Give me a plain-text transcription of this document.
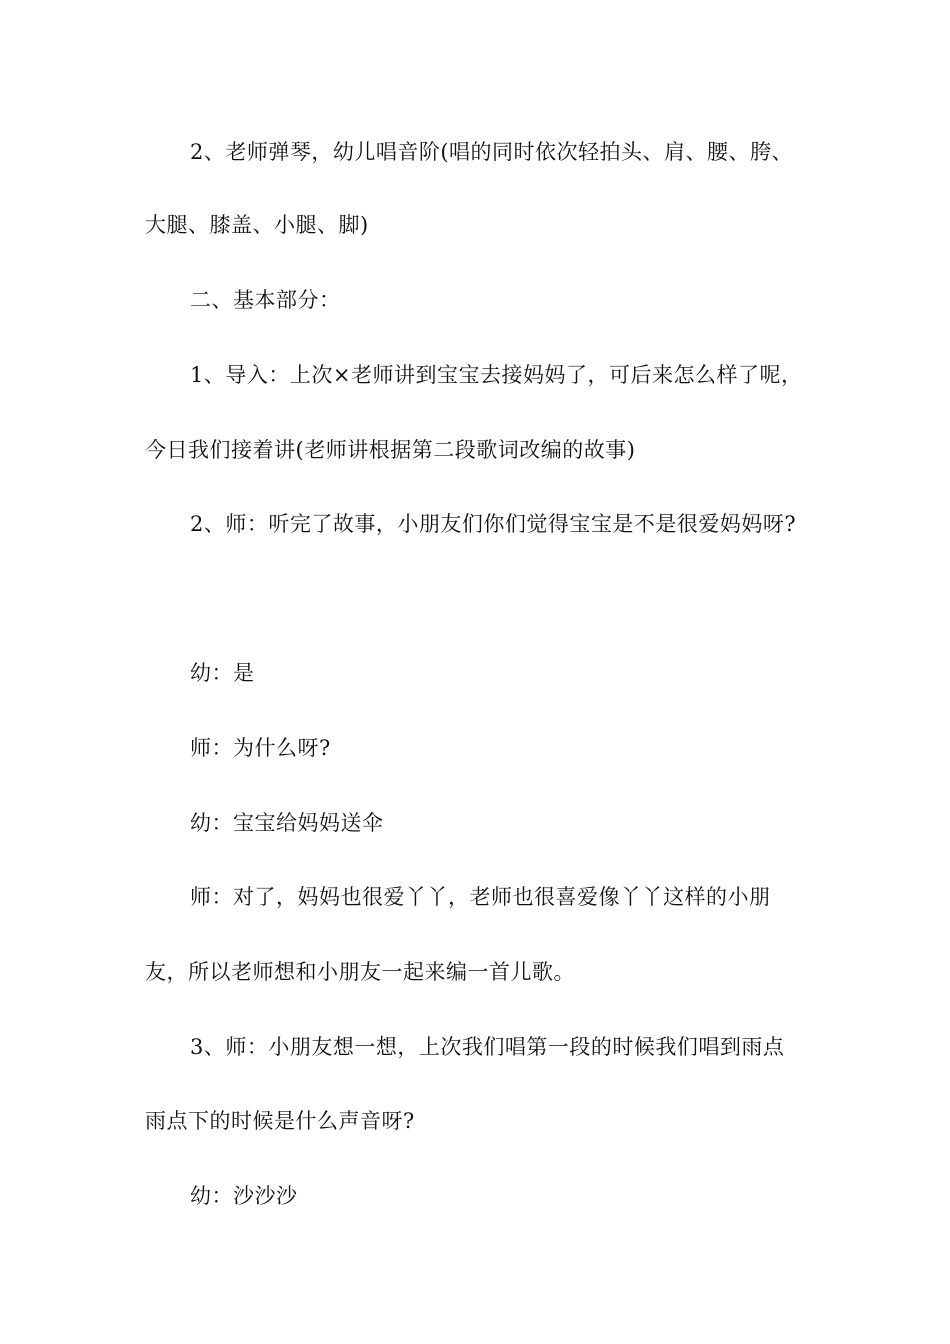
2、老师弹琴，幼儿唱音阶(唱的同时依次轻拍头、肩、腰、胯、
大腿、膝盖、小腿、脚)
二、基本部分：
1、导入：上次×老师讲到宝宝去接妈妈了，可后来怎么样了呢，
今日我们接着讲(老师讲根据第二段歌词改编的故事)
2、师：听完了故事，小朋友们你们觉得宝宝是不是很爱妈妈呀?
幼：是
师：为什么呀?
幼：宝宝给妈妈送伞
师：对了，妈妈也很爱丫丫，老师也很喜爱像丫丫这样的小朋
友，所以老师想和小朋友一起来编一首儿歌。
3、师：小朋友想一想，上次我们唱第一段的时候我们唱到雨点
雨点下的时候是什么声音呀?
幼：沙沙沙
